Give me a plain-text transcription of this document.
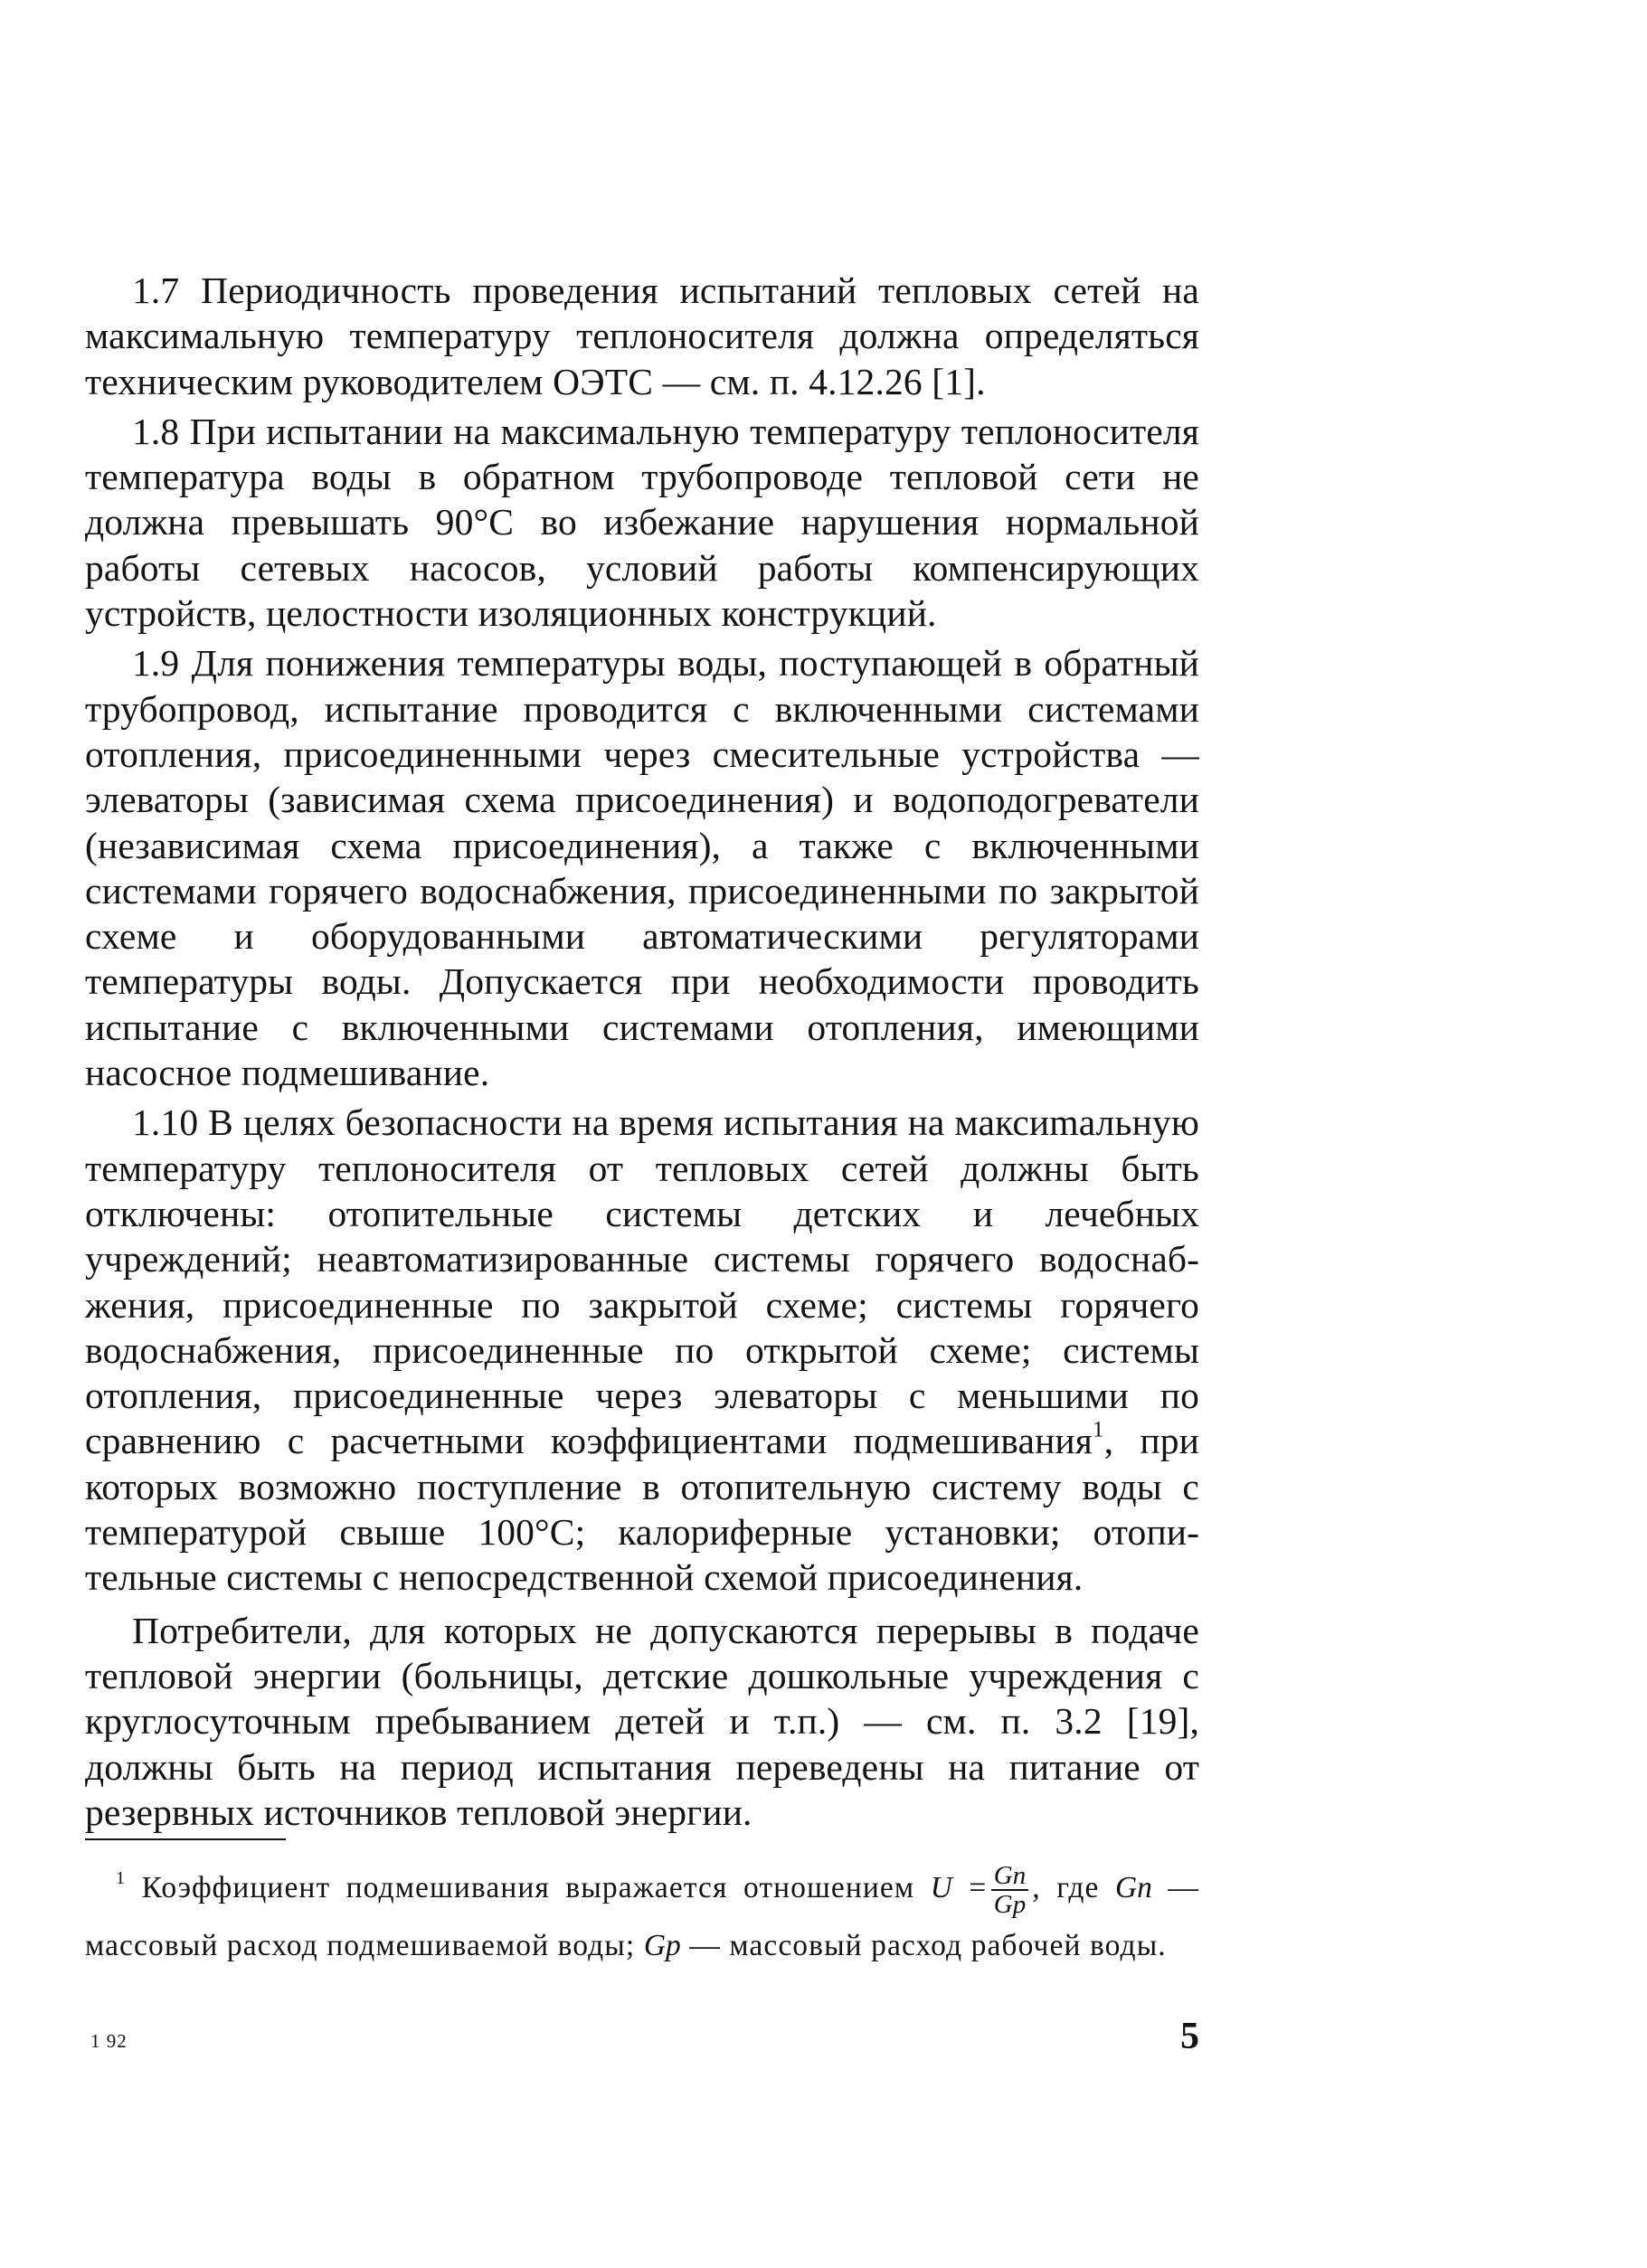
1.7 Периодичность проведения испытаний тепловых сетей на максимальную температуру теплоносителя должна определяться техническим руководителем ОЭТС — см. п. 4.12.26 [1].

1.8 При испытании на максимальную температуру теплоносителя температура воды в обратном трубопроводе тепловой сети не должна превышать 90°С во избежание нарушения нормальной работы сетевых насосов, условий работы компенсирующих устройств, целостности изоляционных конструкций.

1.9 Для понижения температуры воды, поступающей в обратный трубопровод, испытание проводится с включенными системами отопления, присоединенными через смесительные устройства — элеваторы (зависимая схема присоединения) и водоподогреватели (независимая схема присоединения), а также с включенными системами горячего водоснабжения, присоединенными по закрытой схеме и оборудованными автоматическими регуляторами температуры воды. Допускается при необходимости проводить испытание с включенными системами отопления, имеющими насосное подмешивание.

1.10 В целях безопасности на время испытания на максиmальную температуру теплоносителя от тепловых сетей должны быть отключены: отопительные системы детских и лечебных учреждений; неавтоматизированные системы горячего водоснабжения, присоединенные по закрытой схеме; системы горячего водоснабжения, присоединенные по открытой схеме; системы отопления, присоединенные через элеваторы с меньшими по сравнению с расчетными коэффициентами подмешивания$^1$, при которых возможно поступление в отопительную систему воды с температурой свыше 100°С; калориферные установки; отопительные системы с непосредственной схемой присоединения.

Потребители, для которых не допускаются перерывы в подаче тепловой энергии (больницы, детские дошкольные учреждения с круглосуточным пребыванием детей и т.п.) — см. п. 3.2 [19], должны быть на период испытания переведены на питание от резервных источников тепловой энергии.

$^1$ Коэффициент подмешивания выражается отношением $U = \frac{Gп}{Gр}$ , где Gп — массовый расход подмешиваемой воды; Gр — массовый расход рабочей воды.

1 92	5
